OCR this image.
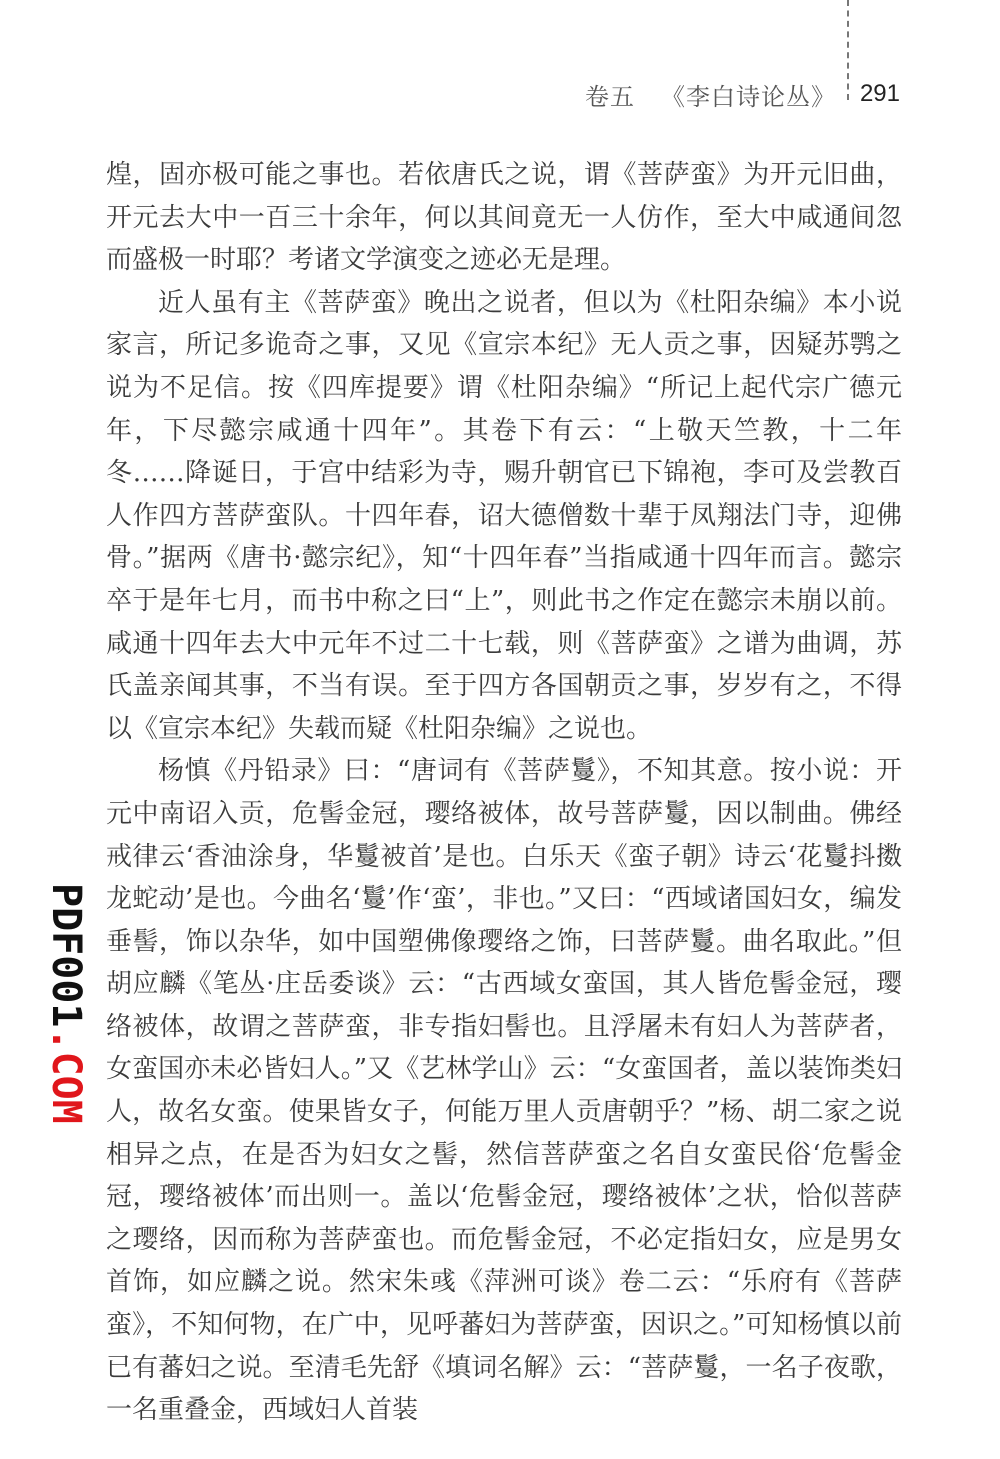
卷五 《李白诗论丛》 291

煌，固亦极可能之事也。若依唐氏之说，谓《菩萨蛮》为开元旧曲，开元去大中一百三十余年，何以其间竟无一人仿作，至大中咸通间忽而盛极一时耶？考诸文学演变之迹必无是理。

近人虽有主《菩萨蛮》晚出之说者，但以为《杜阳杂编》本小说家言，所记多诡奇之事，又见《宣宗本纪》无人贡之事，因疑苏鹗之说为不足信。按《四库提要》谓《杜阳杂编》“所记上起代宗广德元年，下尽懿宗咸通十四年”。其卷下有云：“上敬天竺教，十二年冬……降诞日，于宫中结彩为寺，赐升朝官已下锦袍，李可及尝教百人作四方菩萨蛮队。十四年春，诏大德僧数十辈于凤翔法门寺，迎佛骨。”据两《唐书·懿宗纪》，知“十四年春”当指咸通十四年而言。懿宗卒于是年七月，而书中称之曰“上”，则此书之作定在懿宗未崩以前。咸通十四年去大中元年不过二十七载，则《菩萨蛮》之谱为曲调，苏氏盖亲闻其事，不当有误。至于四方各国朝贡之事，岁岁有之，不得以《宣宗本纪》失载而疑《杜阳杂编》之说也。

杨慎《丹铅录》曰：“唐词有《菩萨鬘》，不知其意。按小说：开元中南诏入贡，危髻金冠，璎络被体，故号菩萨鬘，因以制曲。佛经戒律云‘香油涂身，华鬘被首’是也。白乐天《蛮子朝》诗云‘花鬘抖擞龙蛇动’是也。今曲名‘鬘’作‘蛮’，非也。”又曰：“西域诸国妇女，编发垂髻，饰以杂华，如中国塑佛像璎络之饰，曰菩萨鬘。曲名取此。”但胡应麟《笔丛·庄岳委谈》云：“古西域女蛮国，其人皆危髻金冠，璎络被体，故谓之菩萨蛮，非专指妇髻也。且浮屠未有妇人为菩萨者，女蛮国亦未必皆妇人。”又《艺林学山》云：“女蛮国者，盖以装饰类妇人，故名女蛮。使果皆女子，何能万里人贡唐朝乎？”杨、胡二家之说相异之点，在是否为妇女之髻，然信菩萨蛮之名自女蛮民俗‘危髻金冠，璎络被体’而出则一。盖以‘危髻金冠，璎络被体’之状，恰似菩萨之璎络，因而称为菩萨蛮也。而危髻金冠，不必定指妇女，应是男女首饰，如应麟之说。然宋朱彧《萍洲可谈》卷二云：“乐府有《菩萨蛮》，不知何物，在广中，见呼蕃妇为菩萨蛮，因识之。”可知杨慎以前已有蕃妇之说。至清毛先舒《填词名解》云：“菩萨鬘，一名子夜歌，一名重叠金，西域妇人首装

PDF001.COM
